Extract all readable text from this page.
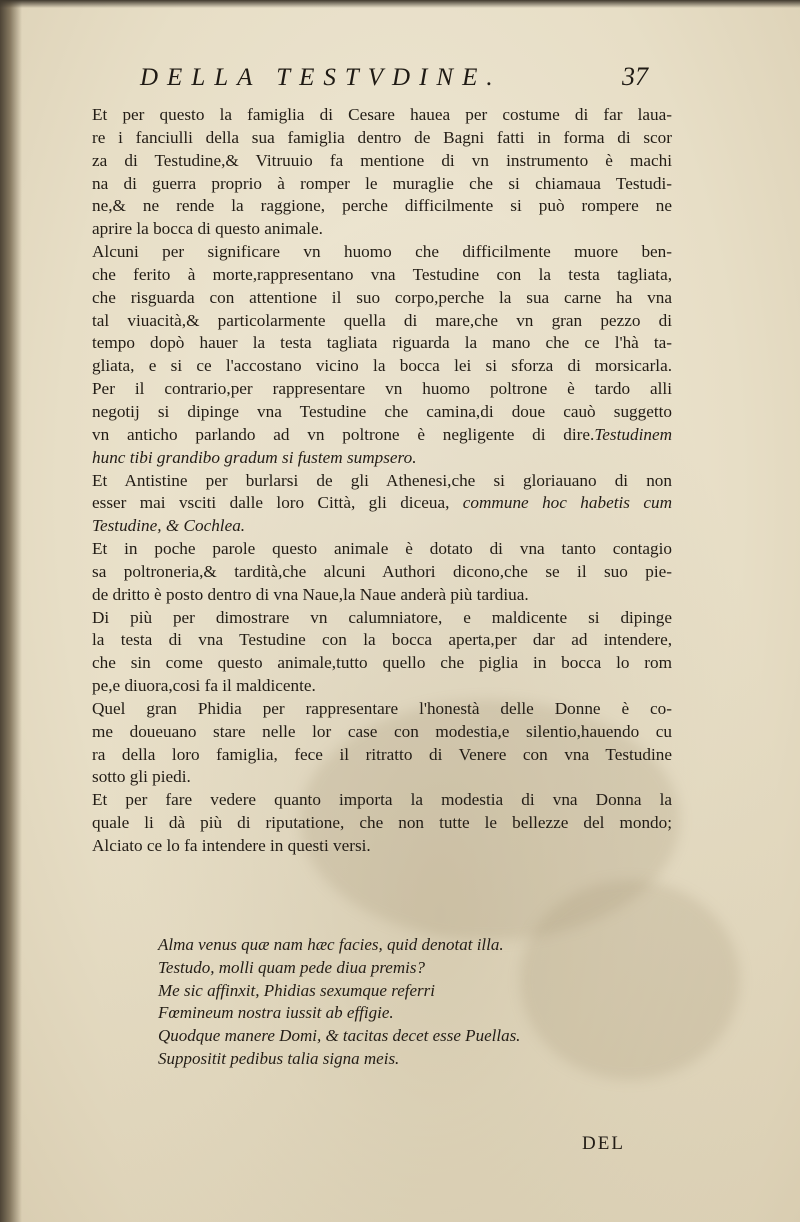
DELLA TESTVDINE.	37
Et per questo la famiglia di Cesare hauea per costume di far laua-
re i fanciulli della sua famiglia dentro de Bagni fatti in forma di scor
za di Testudine,& Vitruuio fa mentione di vn instrumento è machi
na di guerra proprio à romper le muraglie che si chiamaua Testudi-
ne,& ne rende la raggione, perche difficilmente si può rompere ne
aprire la bocca di questo animale.
Alcuni per significare vn huomo che difficilmente muore ben-
che ferito à morte,rappresentano vna Testudine con la testa tagliata,
che risguarda con attentione il suo corpo,perche la sua carne ha vna
tal viuacità,& particolarmente quella di mare,che vn gran pezzo di
tempo dopò hauer la testa tagliata riguarda la mano che ce l'hà ta-
gliata, e si ce l'accostano vicino la bocca lei si sforza di morsicarla.
Per il contrario,per rappresentare vn huomo poltrone è tardo alli
negotij si dipinge vna Testudine che camina,di doue cauò suggetto
vn anticho parlando ad vn poltrone è negligente di dire.Testudinem
hunc tibi grandibo gradum si fustem sumpsero.
Et Antistine per burlarsi de gli Athenesi,che si gloriauano di non
esser mai vsciti dalle loro Città, gli diceua, commune hoc habetis cum
Testudine, & Cochlea.
Et in poche parole questo animale è dotato di vna tanto contagio
sa poltroneria,& tardità,che alcuni Authori dicono,che se il suo pie-
de dritto è posto dentro di vna Naue,la Naue anderà più tardiua.
Di più per dimostrare vn calumniatore, e maldicente si dipinge
la testa di vna Testudine con la bocca aperta,per dar ad intendere,
che sin come questo animale,tutto quello che piglia in bocca lo rom
pe,e diuora,cosi fa il maldicente.
Quel gran Phidia per rappresentare l'honestà delle Donne è co-
me doueuano stare nelle lor case con modestia,e silentio,hauendo cu
ra della loro famiglia, fece il ritratto di Venere con vna Testudine
sotto gli piedi.
Et per fare vedere quanto importa la modestia di vna Donna la
quale li dà più di riputatione, che non tutte le bellezze del mondo;
Alciato ce lo fa intendere in questi versi.
Alma venus quæ nam hæc facies, quid denotat illa.
Testudo, molli quam pede diua premis?
Me sic affinxit, Phidias sexumque referri
Fœmineum nostra iussit ab effigie.
Quodque manere Domi, & tacitas decet esse Puellas.
Suppositit pedibus talia signa meis.
DEL
